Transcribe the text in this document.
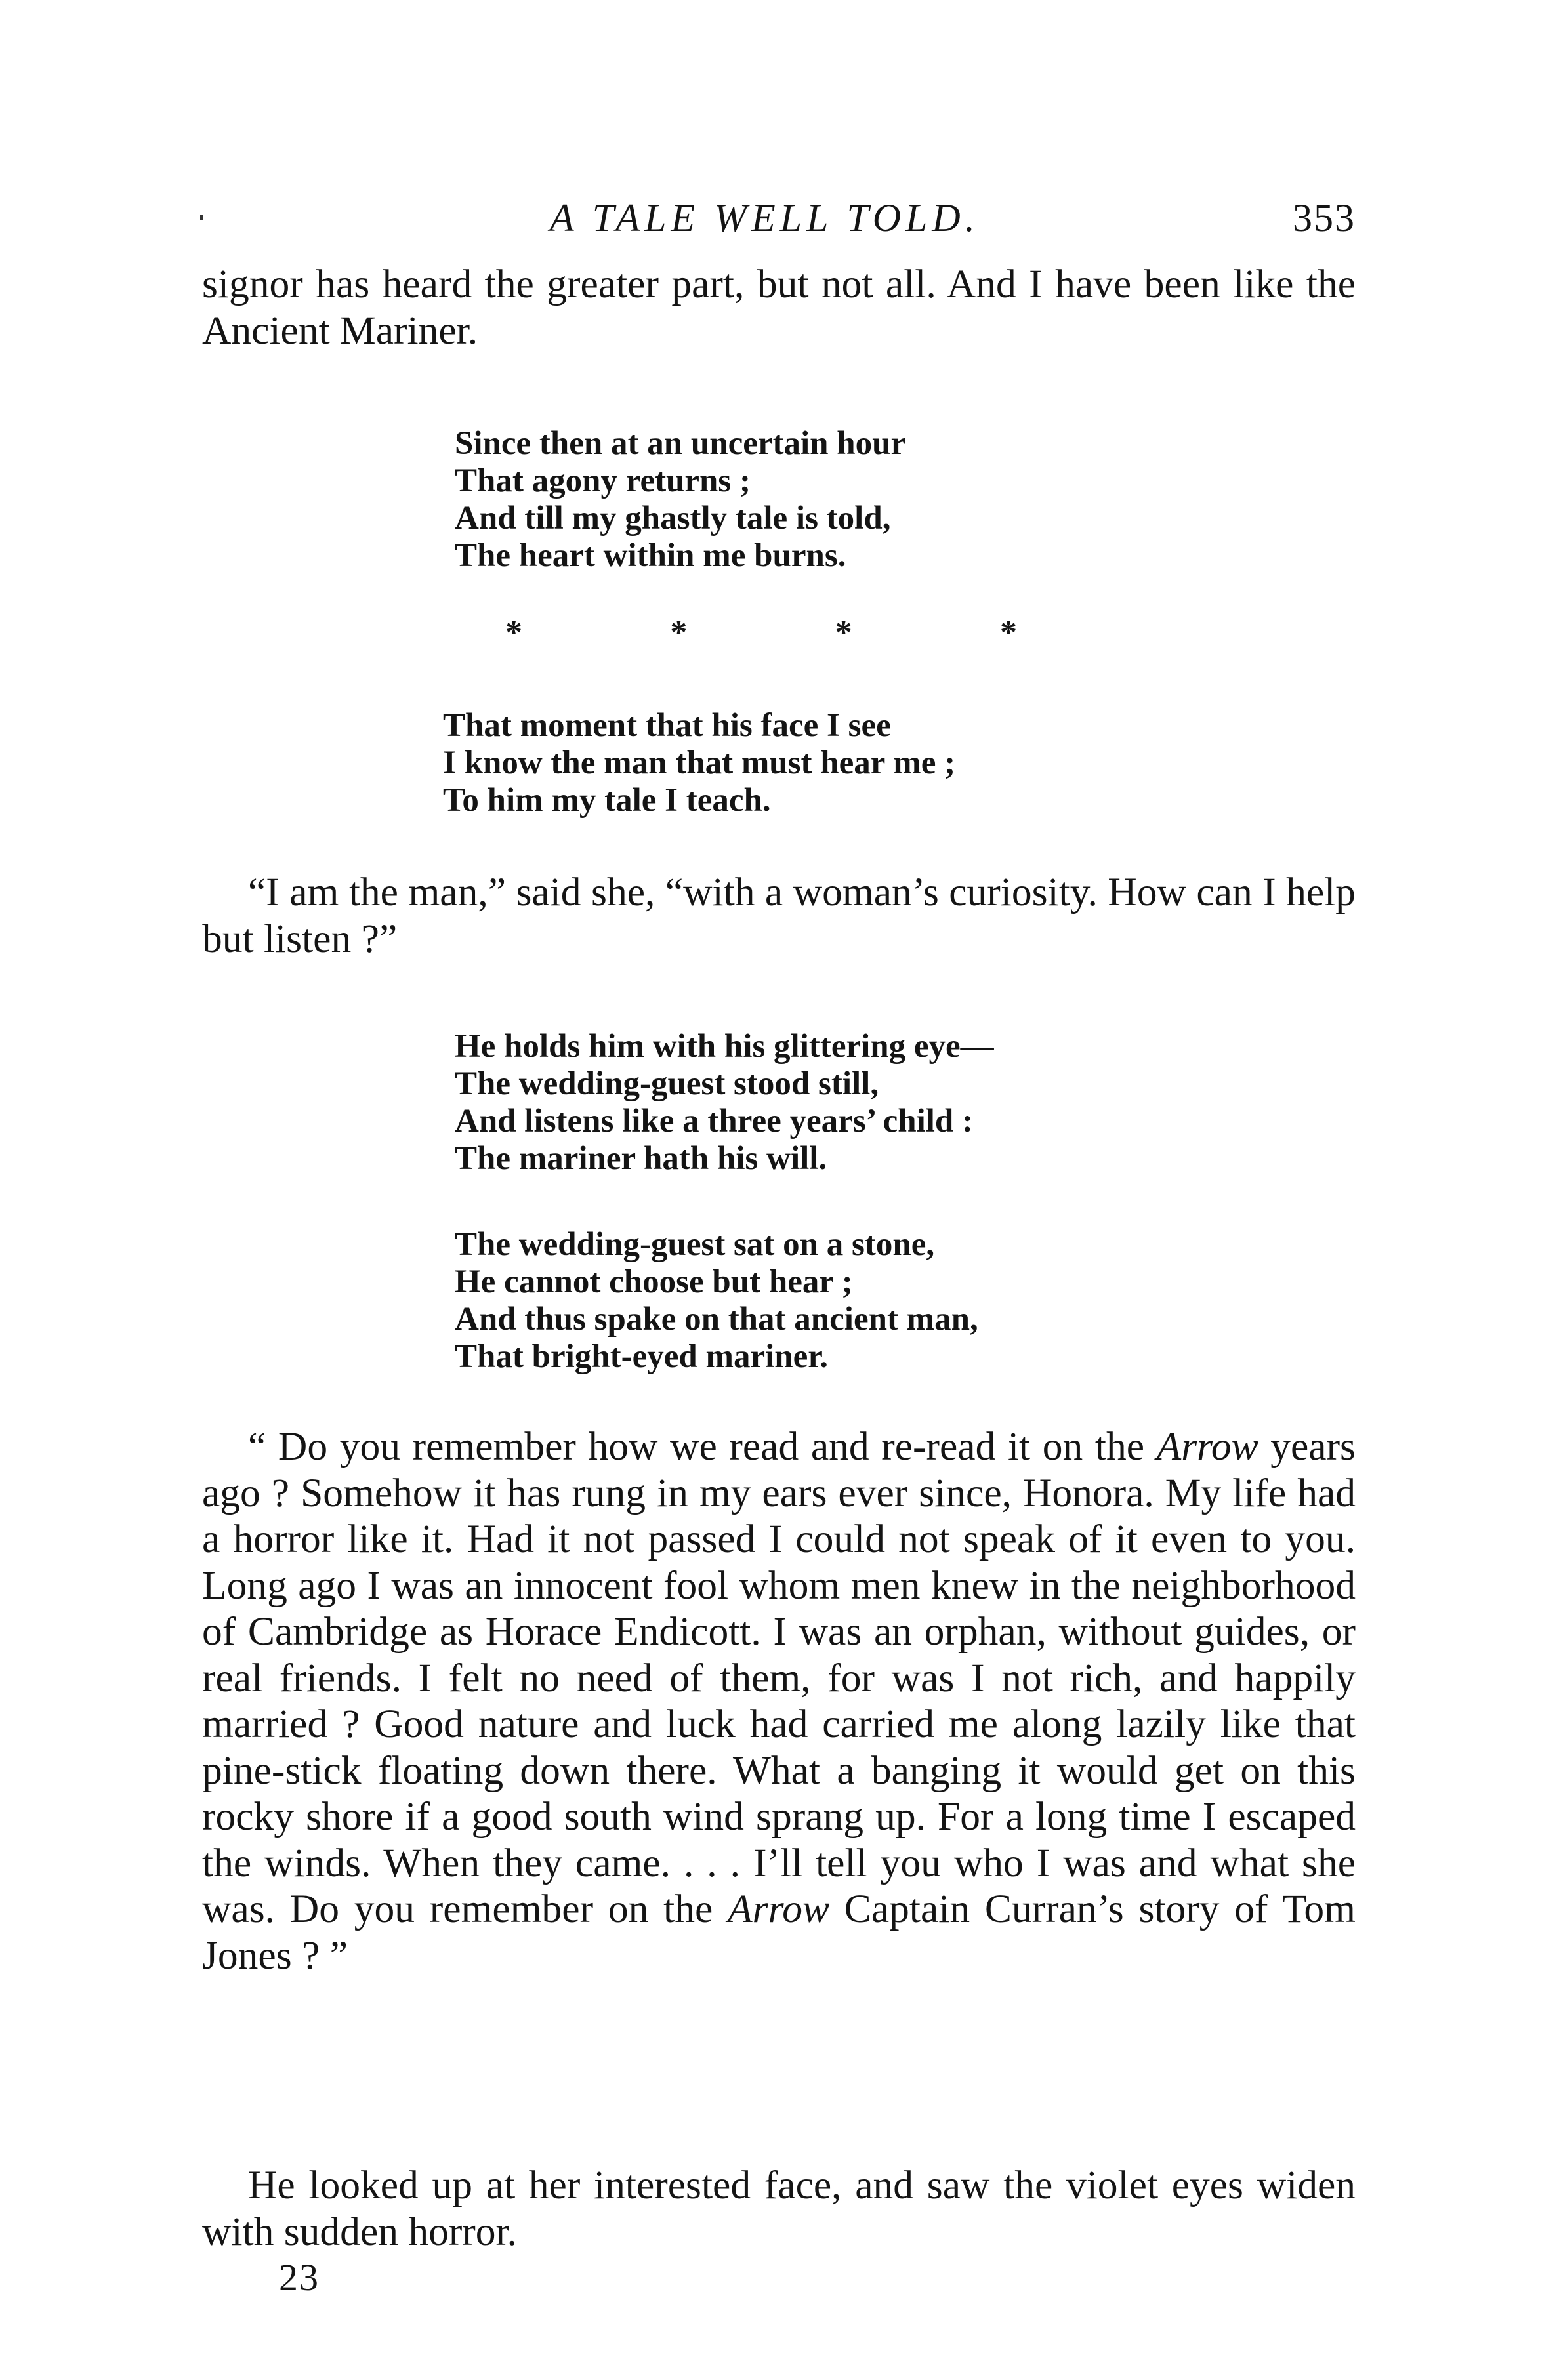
A TALE WELL TOLD.	353

signor has heard the greater part, but not all. And I have been like the Ancient Mariner.

Since then at an uncertain hour
That agony returns ;
And till my ghastly tale is told,
The heart within me burns.
*	*	*	*
That moment that his face I see
I know the man that must hear me ;
To him my tale I teach.

“I am the man,” said she, “with a woman’s curiosity. How can I help but listen ?”

He holds him with his glittering eye—
The wedding-guest stood still,
And listens like a three years’ child :
The mariner hath his will.
The wedding-guest sat on a stone,
He cannot choose but hear ;
And thus spake on that ancient man,
That bright-eyed mariner.

“ Do you remember how we read and re-read it on the Arrow years ago ? Somehow it has rung in my ears ever since, Honora. My life had a horror like it. Had it not passed I could not speak of it even to you. Long ago I was an innocent fool whom men knew in the neighborhood of Cambridge as Horace Endicott. I was an orphan, without guides, or real friends. I felt no need of them, for was I not rich, and happily married ? Good nature and luck had carried me along lazily like that pine-stick floating down there. What a banging it would get on this rocky shore if a good south wind sprang up. For a long time I escaped the winds. When they came. . . . I’ll tell you who I was and what she was. Do you remember on the Arrow Captain Curran’s story of Tom Jones ? ”

He looked up at her interested face, and saw the violet eyes widen with sudden horror.

23
